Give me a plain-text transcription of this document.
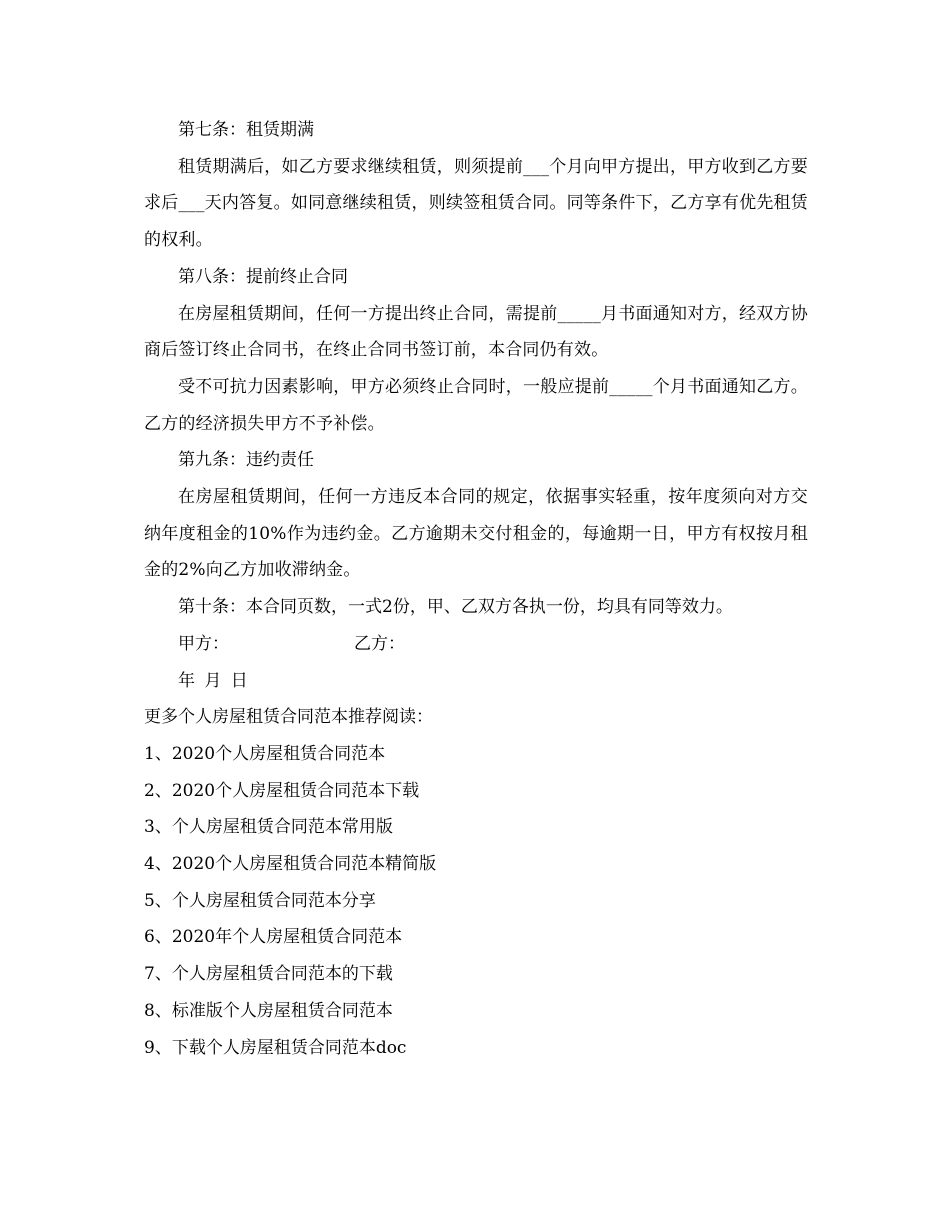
第七条：租赁期满

租赁期满后，如乙方要求继续租赁，则须提前___个月向甲方提出，甲方收到乙方要求后___天内答复。如同意继续租赁，则续签租赁合同。同等条件下，乙方享有优先租赁的权利。

第八条：提前终止合同

在房屋租赁期间，任何一方提出终止合同，需提前_____月书面通知对方，经双方协商后签订终止合同书，在终止合同书签订前，本合同仍有效。

受不可抗力因素影响，甲方必须终止合同时，一般应提前_____个月书面通知乙方。乙方的经济损失甲方不予补偿。

第九条：违约责任

在房屋租赁期间，任何一方违反本合同的规定，依据事实轻重，按年度须向对方交纳年度租金的10%作为违约金。乙方逾期未交付租金的，每逾期一日，甲方有权按月租金的2%向乙方加收滞纳金。

第十条：本合同页数，一式2份，甲、乙双方各执一份，均具有同等效力。

甲方：	乙方：

年 月 日

更多个人房屋租赁合同范本推荐阅读：

1、2020个人房屋租赁合同范本
2、2020个人房屋租赁合同范本下载
3、个人房屋租赁合同范本常用版
4、2020个人房屋租赁合同范本精简版
5、个人房屋租赁合同范本分享
6、2020年个人房屋租赁合同范本
7、个人房屋租赁合同范本的下载
8、标准版个人房屋租赁合同范本
9、下载个人房屋租赁合同范本doc
